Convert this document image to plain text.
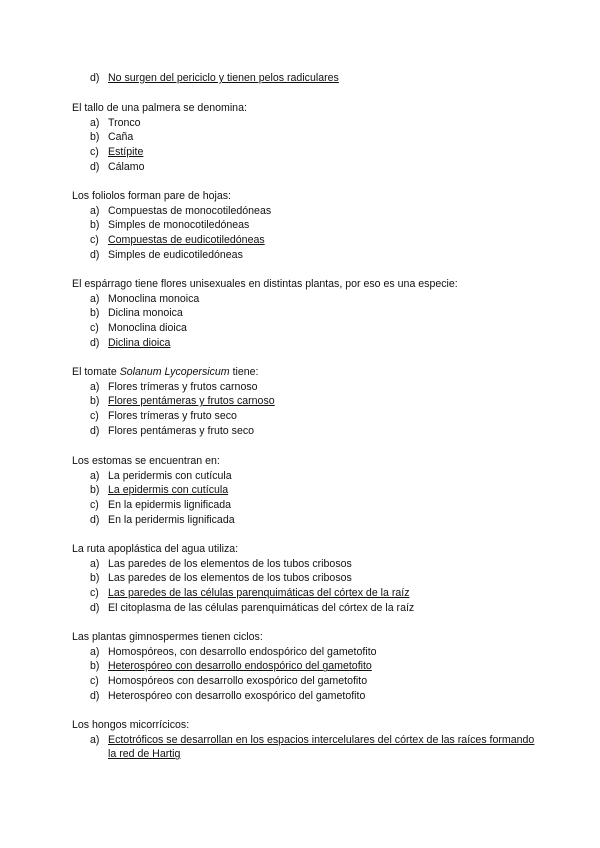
d) No surgen del periciclo y tienen pelos radiculares

El tallo de una palmera se denomina:

a) Tronco
b) Caña
c) Estípite
d) Cálamo

Los foliolos forman pare de hojas:

a) Compuestas de monocotiledóneas
b) Simples de monocotiledóneas
c) Compuestas de eudicotiledóneas
d) Simples de eudicotiledóneas

El espárrago tiene flores unisexuales en distintas plantas, por eso es una especie:

a) Monoclina monoica
b) Diclina monoica
c) Monoclina dioica
d) Diclina dioica

El tomate Solanum Lycopersicum tiene:

a) Flores trímeras y frutos carnoso
b) Flores pentámeras y frutos carnoso
c) Flores trímeras y fruto seco
d) Flores pentámeras y fruto seco

Los estomas se encuentran en:

a) La peridermis con cutícula
b) La epidermis con cutícula
c) En la epidermis lignificada
d) En la peridermis lignificada

La ruta apoplástica del agua utiliza:

a) Las paredes de los elementos de los tubos cribosos
b) Las paredes de los elementos de los tubos cribosos
c) Las paredes de las células parenquimáticas del córtex de la raíz
d) El citoplasma de las células parenquimáticas del córtex de la raíz

Las plantas gimnospermes tienen ciclos:

a) Homospóreos, con desarrollo endospórico del gametofito
b) Heterospóreo con desarrollo endospórico del gametofito
c) Homospóreos con desarrollo exospórico del gametofito
d) Heterospóreo con desarrollo exospórico del gametofito

Los hongos micorrícicos:

a) Ectotróficos se desarrollan en los espacios intercelulares del córtex de las raíces formando la red de Hartig
